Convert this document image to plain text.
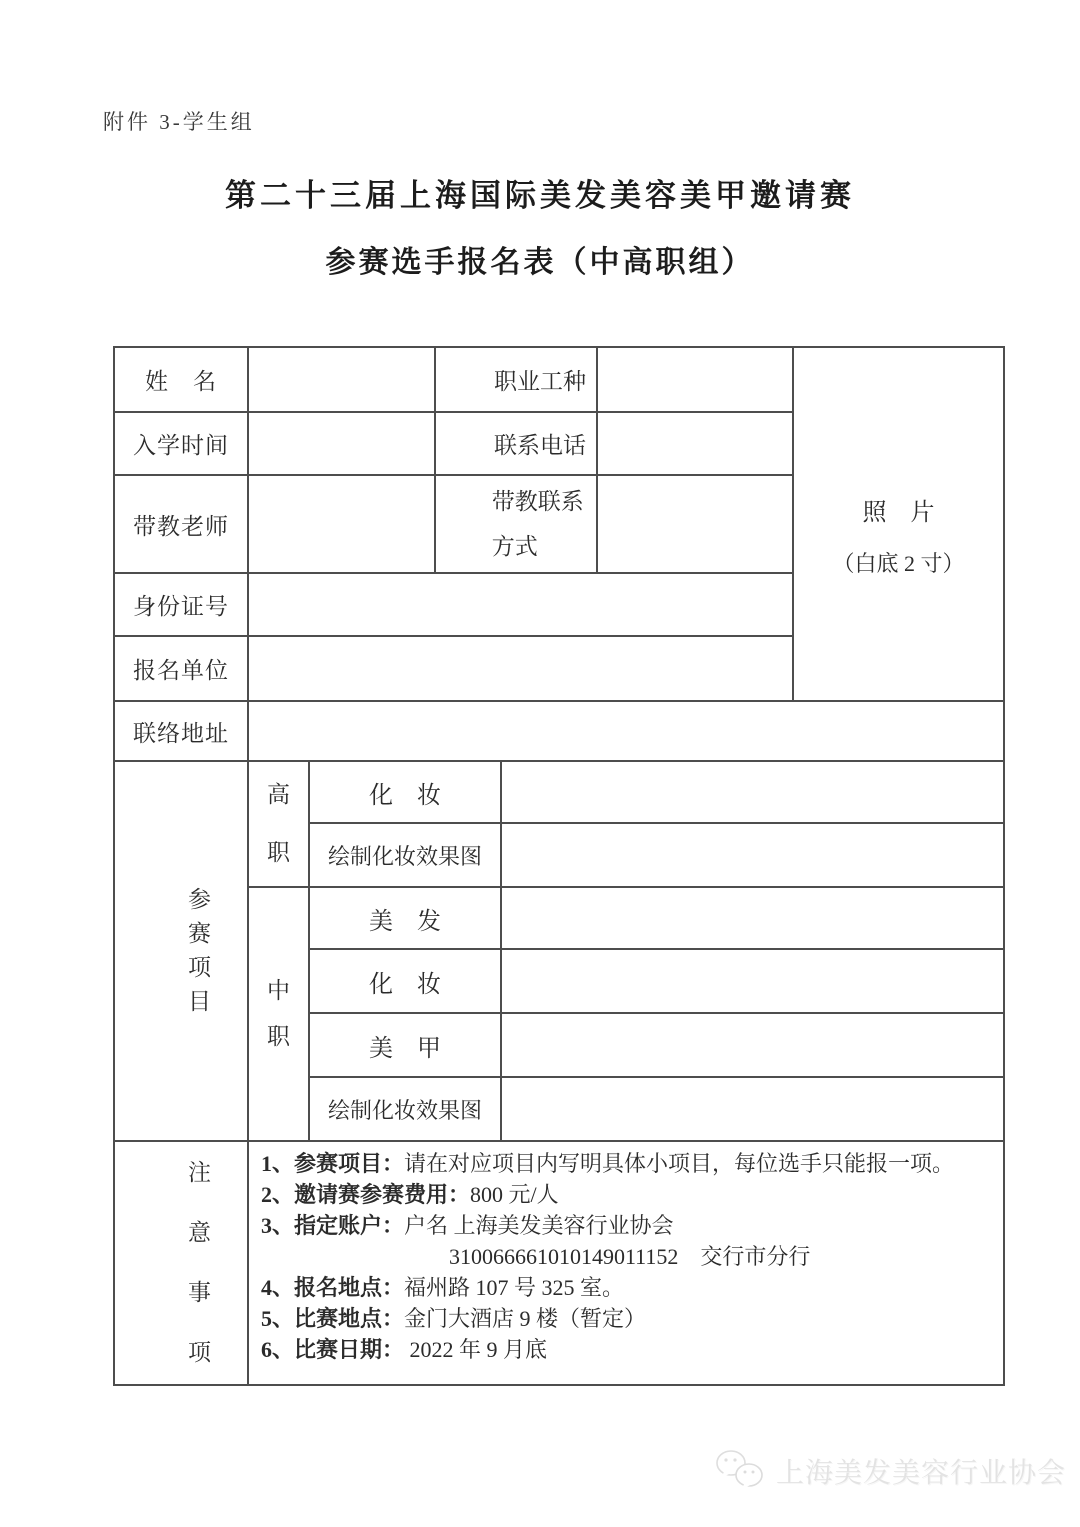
附件 3-学生组
第二十三届上海国际美发美容美甲邀请赛
参赛选手报名表（中高职组）
姓　名			职业工种			照　片
（白底 2 寸）

入学时间			联系电话			
带教老师			带教联系方式			

身份证号						
报名单位						
联络地址						

参赛项目	高职	化　妆				
		绘制化妆效果图				

	中职	美　发				
		化　妆				
		美　甲				
		绘制化妆效果图				

注意事项

1、参赛项目：请在对应项目内写明具体小项目，每位选手只能报一项。
2、邀请赛参赛费用：800 元/人
3、指定账户：户名 上海美发美容行业协会
310066661010149011152　交行市分行
4、报名地点：福州路 107 号 325 室。
5、比赛地点：金门大酒店 9 楼（暂定）
6、比赛日期： 2022 年 9 月底
上海美发美容行业协会
